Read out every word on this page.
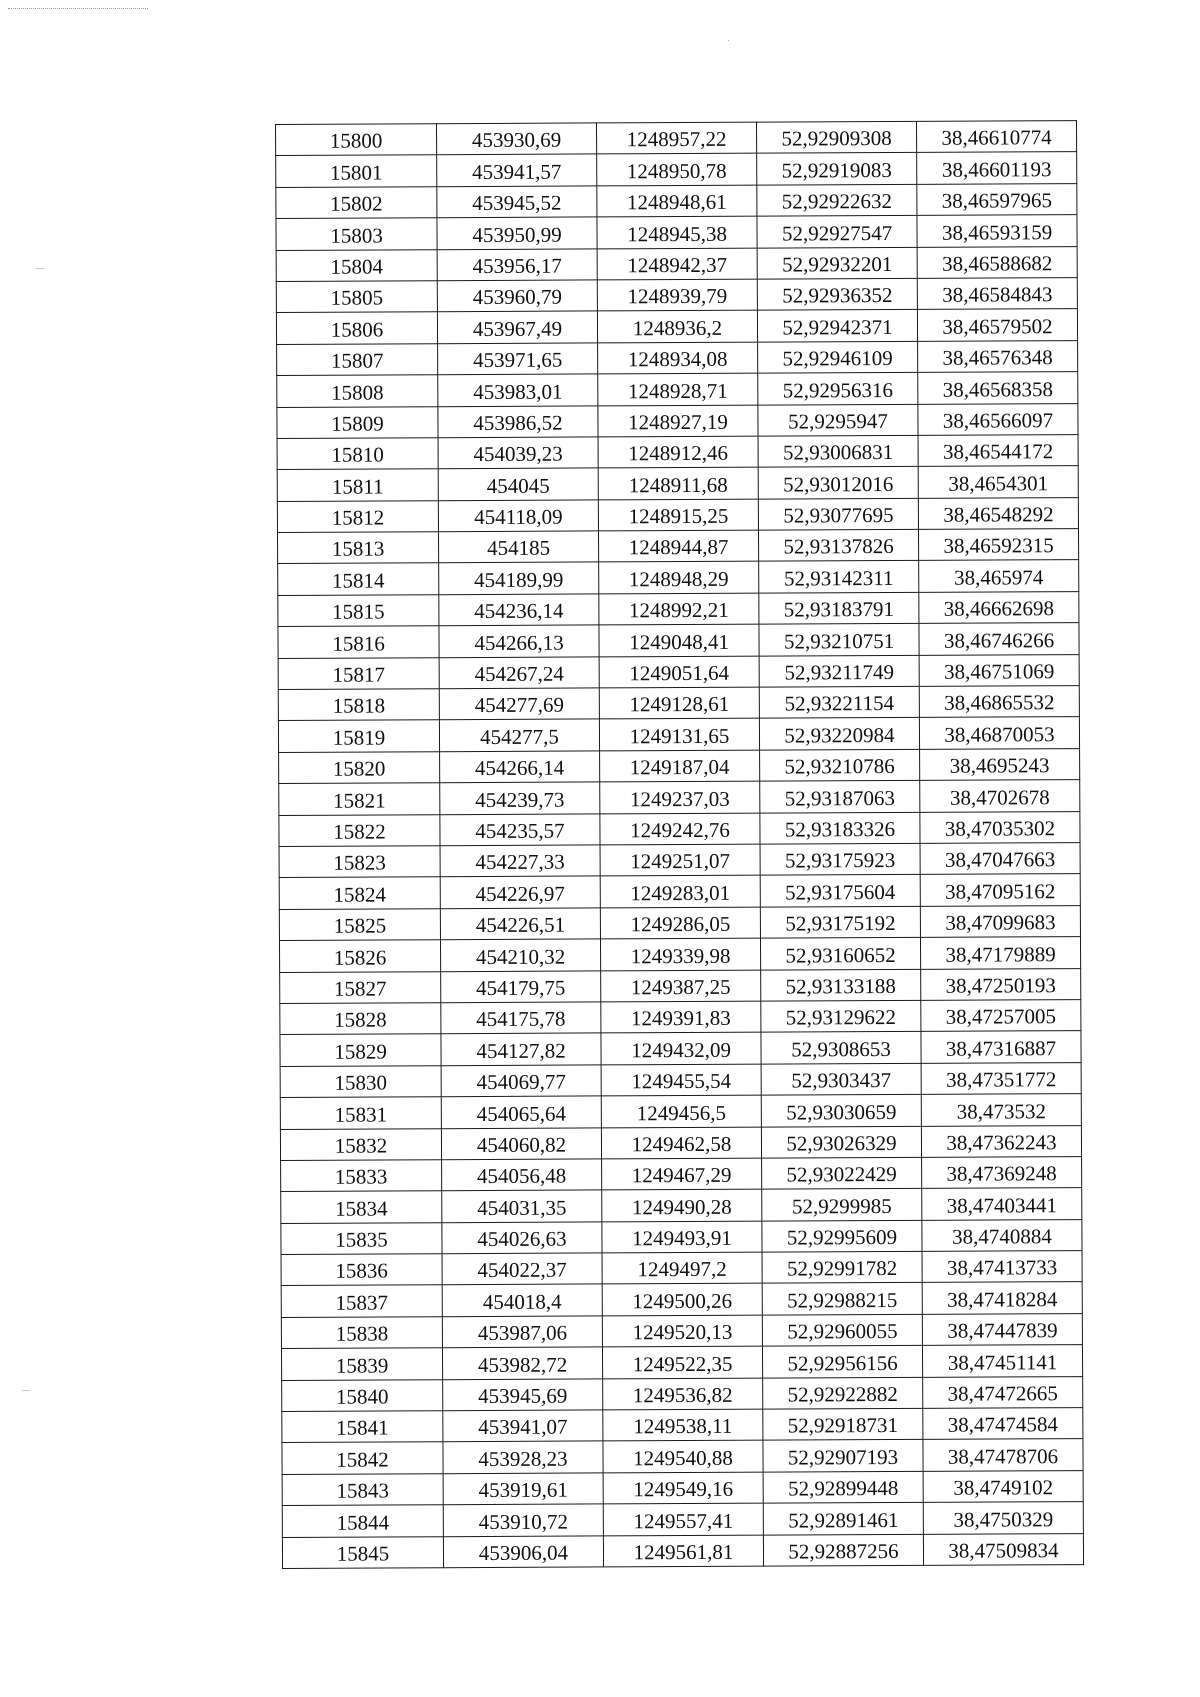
15800	453930,69	1248957,22	52,92909308	38,46610774
15801	453941,57	1248950,78	52,92919083	38,46601193
15802	453945,52	1248948,61	52,92922632	38,46597965
15803	453950,99	1248945,38	52,92927547	38,46593159
15804	453956,17	1248942,37	52,92932201	38,46588682
15805	453960,79	1248939,79	52,92936352	38,46584843
15806	453967,49	1248936,2	52,92942371	38,46579502
15807	453971,65	1248934,08	52,92946109	38,46576348
15808	453983,01	1248928,71	52,92956316	38,46568358
15809	453986,52	1248927,19	52,9295947	38,46566097
15810	454039,23	1248912,46	52,93006831	38,46544172
15811	454045	1248911,68	52,93012016	38,4654301
15812	454118,09	1248915,25	52,93077695	38,46548292
15813	454185	1248944,87	52,93137826	38,46592315
15814	454189,99	1248948,29	52,93142311	38,465974
15815	454236,14	1248992,21	52,93183791	38,46662698
15816	454266,13	1249048,41	52,93210751	38,46746266
15817	454267,24	1249051,64	52,93211749	38,46751069
15818	454277,69	1249128,61	52,93221154	38,46865532
15819	454277,5	1249131,65	52,93220984	38,46870053
15820	454266,14	1249187,04	52,93210786	38,4695243
15821	454239,73	1249237,03	52,93187063	38,4702678
15822	454235,57	1249242,76	52,93183326	38,47035302
15823	454227,33	1249251,07	52,93175923	38,47047663
15824	454226,97	1249283,01	52,93175604	38,47095162
15825	454226,51	1249286,05	52,93175192	38,47099683
15826	454210,32	1249339,98	52,93160652	38,47179889
15827	454179,75	1249387,25	52,93133188	38,47250193
15828	454175,78	1249391,83	52,93129622	38,47257005
15829	454127,82	1249432,09	52,9308653	38,47316887
15830	454069,77	1249455,54	52,9303437	38,47351772
15831	454065,64	1249456,5	52,93030659	38,473532
15832	454060,82	1249462,58	52,93026329	38,47362243
15833	454056,48	1249467,29	52,93022429	38,47369248
15834	454031,35	1249490,28	52,9299985	38,47403441
15835	454026,63	1249493,91	52,92995609	38,4740884
15836	454022,37	1249497,2	52,92991782	38,47413733
15837	454018,4	1249500,26	52,92988215	38,47418284
15838	453987,06	1249520,13	52,92960055	38,47447839
15839	453982,72	1249522,35	52,92956156	38,47451141
15840	453945,69	1249536,82	52,92922882	38,47472665
15841	453941,07	1249538,11	52,92918731	38,47474584
15842	453928,23	1249540,88	52,92907193	38,47478706
15843	453919,61	1249549,16	52,92899448	38,4749102
15844	453910,72	1249557,41	52,92891461	38,4750329
15845	453906,04	1249561,81	52,92887256	38,47509834
